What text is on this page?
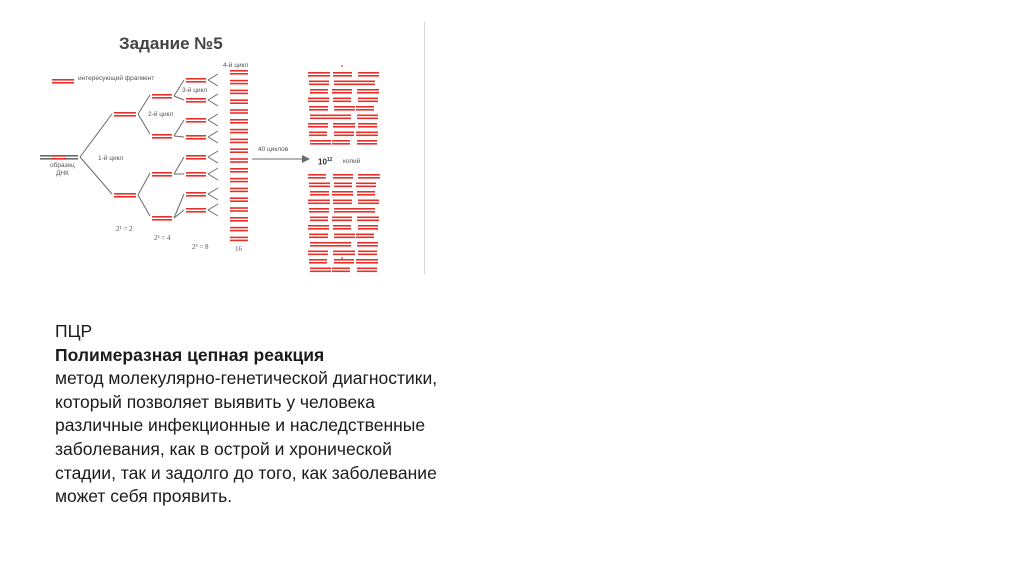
Задание №5
интересующий фрагмент
образец
ДНК
1-й цикл
2-й цикл
3-й цикл
4-й цикл
40 циклов
$10^{12}$ копий
2¹ = 2
2² = 4
2³ = 8	16
ПЦР
Полимеразная цепная реакция
метод молекулярно-генетической диагностики,
который позволяет выявить у человека
различные инфекционные и наследственные
заболевания, как в острой и хронической
стадии, так и задолго до того, как заболевание
может себя проявить.
